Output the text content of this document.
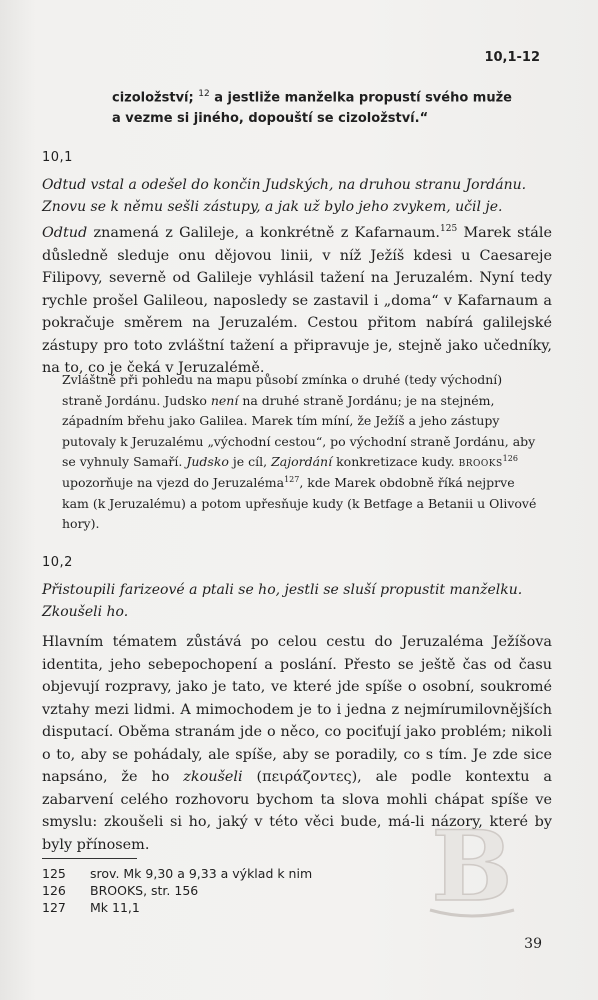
10,1-12
cizoložství; $^{12}$ a jestliže manželka propustí svého muže
a vezme si jiného, dopouští se cizoložství.“
10,1
Odtud vstal a odešel do končin Judských, na druhou stranu Jordánu. Znovu se k němu sešli zástupy, a jak už bylo jeho zvykem, učil je.
Odtud znamená z Galileje, a konkrétně z Kafarnaum.$^{125}$ Marek stále důsledně sleduje onu dějovou linii, v níž Ježíš kdesi u Caesareje Filipovy, severně od Galileje vyhlásil tažení na Jeruzalém. Nyní tedy rychle prošel Galileou, naposledy se zastavil i „doma“ v Kafarnaum a pokračuje směrem na Jeruzalém. Cestou přitom nabírá galilejské zástupy pro toto zvláštní tažení a připravuje je, stejně jako učedníky, na to, co je čeká v Jeruzalémě.
Zvláštně při pohledu na mapu působí zmínka o druhé (tedy východní) straně Jordánu. Judsko není na druhé straně Jordánu; je na stejném, západním břehu jako Galilea. Marek tím míní, že Ježíš a jeho zástupy putovaly k Jeruzalému „východní cestou“, po východní straně Jordánu, aby se vyhnuly Samaří. Judsko je cíl, Zajordání konkretizace kudy. brooks$^{126}$ upozorňuje na vjezd do Jeruzaléma$^{127}$, kde Marek obdobně říká nejprve kam (k Jeruzalému) a potom upřesňuje kudy (k Betfage a Betanii u Olivové hory).
10,2
Přistoupili farizeové a ptali se ho, jestli se sluší propustit manželku. Zkoušeli ho.
Hlavním tématem zůstává po celou cestu do Jeruzaléma Ježíšova identita, jeho sebepochopení a poslání. Přesto se ještě čas od času objevují rozpravy, jako je tato, ve které jde spíše o osobní, soukromé vztahy mezi lidmi. A mimochodem je to i jedna z nejmírumilovnějších disputací. Oběma stranám jde o něco, co pociťují jako problém; nikoli o to, aby se pohádaly, ale spíše, aby se poradily, co s tím. Je zde sice napsáno, že ho zkoušeli (πειράζοντες), ale podle kontextu a zabarvení celého rozhovoru bychom ta slova mohli chápat spíše ve smyslu: zkoušeli si ho, jaký v této věci bude, má-li názory, které by byly přínosem.
125	srov. Mk 9,30 a 9,33 a výklad k nim
126	BROOKS, str. 156
127	Mk 11,1	B
39
